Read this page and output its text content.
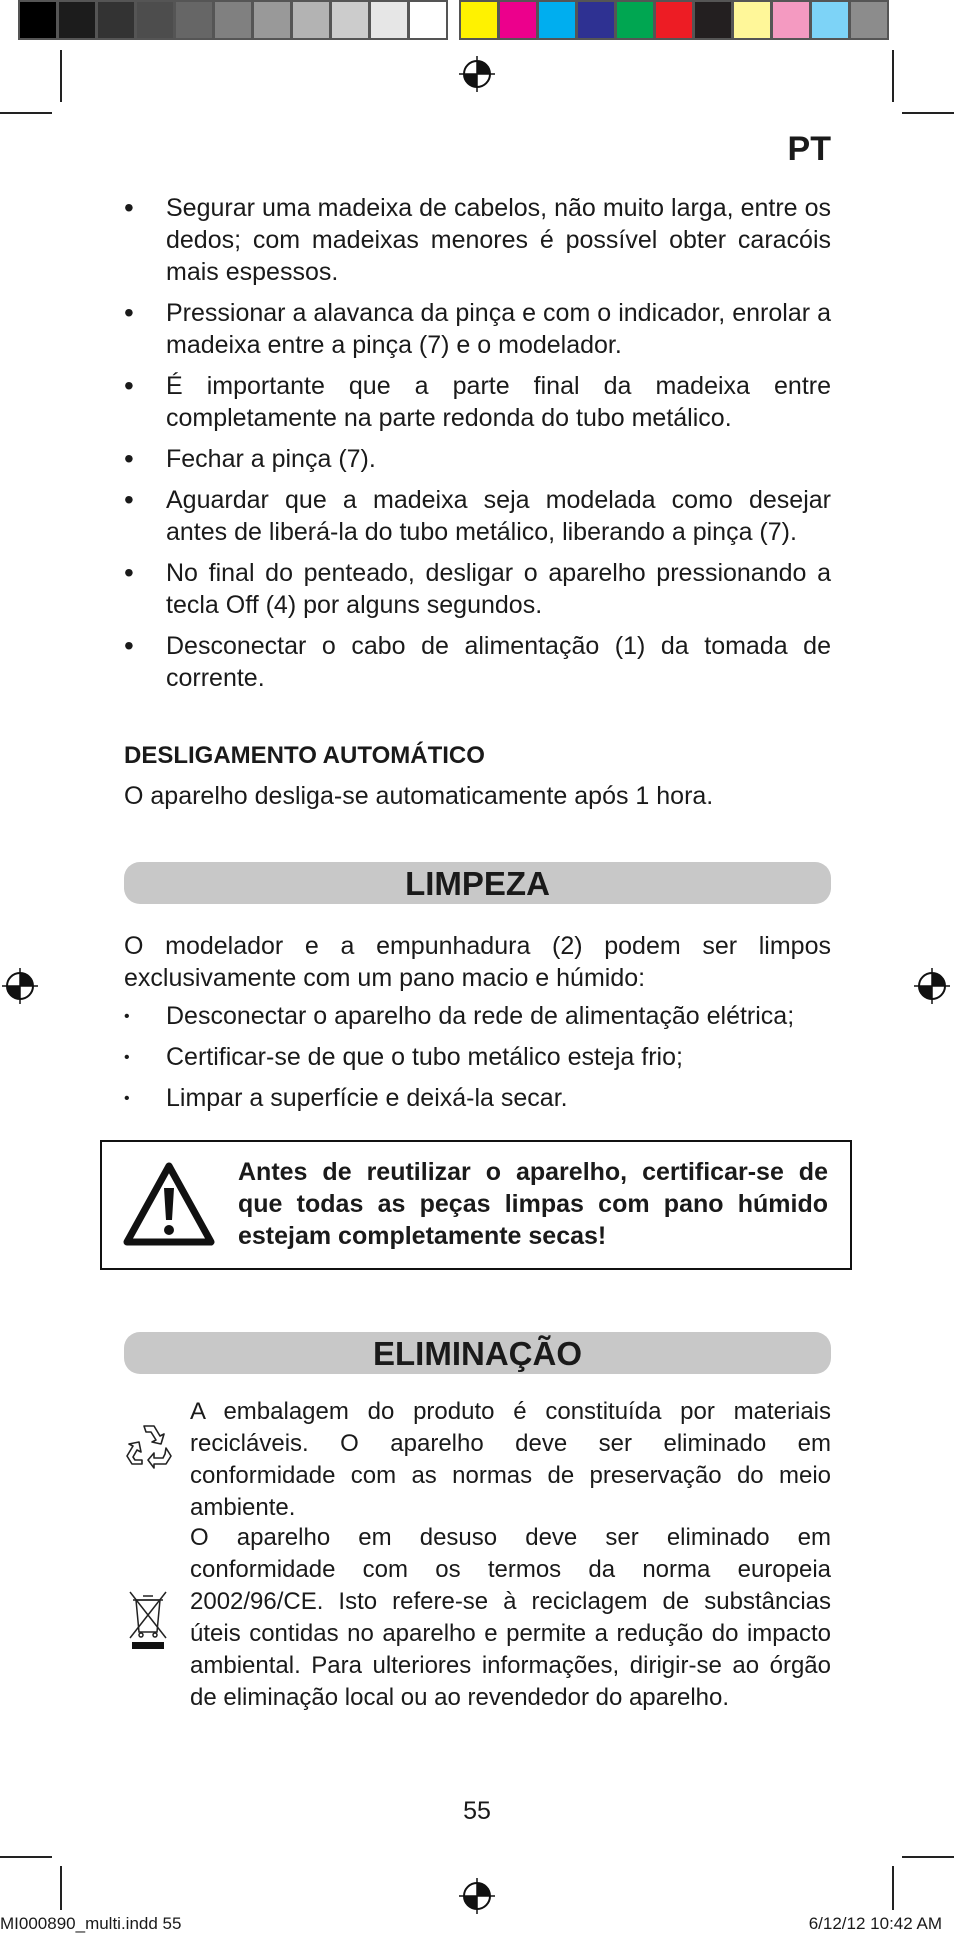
PT
• Segurar uma madeixa de cabelos, não muito larga, entre os dedos; com madeixas menores é possível obter caracóis mais espessos.
• Pressionar a alavanca da pinça e com o indicador, enrolar a madeixa entre a pinça (7) e o modelador.
• É importante que a parte final da madeixa entre completamente na parte redonda do tubo metálico.
• Fechar a pinça (7).
• Aguardar que a madeixa seja modelada como desejar antes de liberá-la do tubo metálico, liberando a pinça (7).
• No final do penteado, desligar o aparelho pressionando a tecla Off (4) por alguns segundos.
• Desconectar o cabo de alimentação (1) da tomada de corrente.
DESLIGAMENTO AUTOMÁTICO
O aparelho desliga-se automaticamente após 1 hora.
LIMPEZA
O modelador e a empunhadura (2) podem ser limpos exclusivamente com um pano macio e húmido:
• Desconectar o aparelho da rede de alimentação elétrica;
• Certificar-se de que o tubo metálico esteja frio;
• Limpar a superfície e deixá-la secar.
Antes de reutilizar o aparelho, certificar-se de que todas as peças limpas com pano húmido estejam completamente secas!
ELIMINAÇÃO
A embalagem do produto é constituída por materiais recicláveis. O aparelho deve ser eliminado em conformidade com as normas de preservação do meio ambiente.
O aparelho em desuso deve ser eliminado em conformidade com os termos da norma europeia 2002/96/CE. Isto refere-se à reciclagem de substâncias úteis contidas no aparelho e permite a redução do impacto ambiental. Para ulteriores informações, dirigir-se ao órgão de eliminação local ou ao revendedor do aparelho.
55
MI000890_multi.indd 55	6/12/12 10:42 AM
